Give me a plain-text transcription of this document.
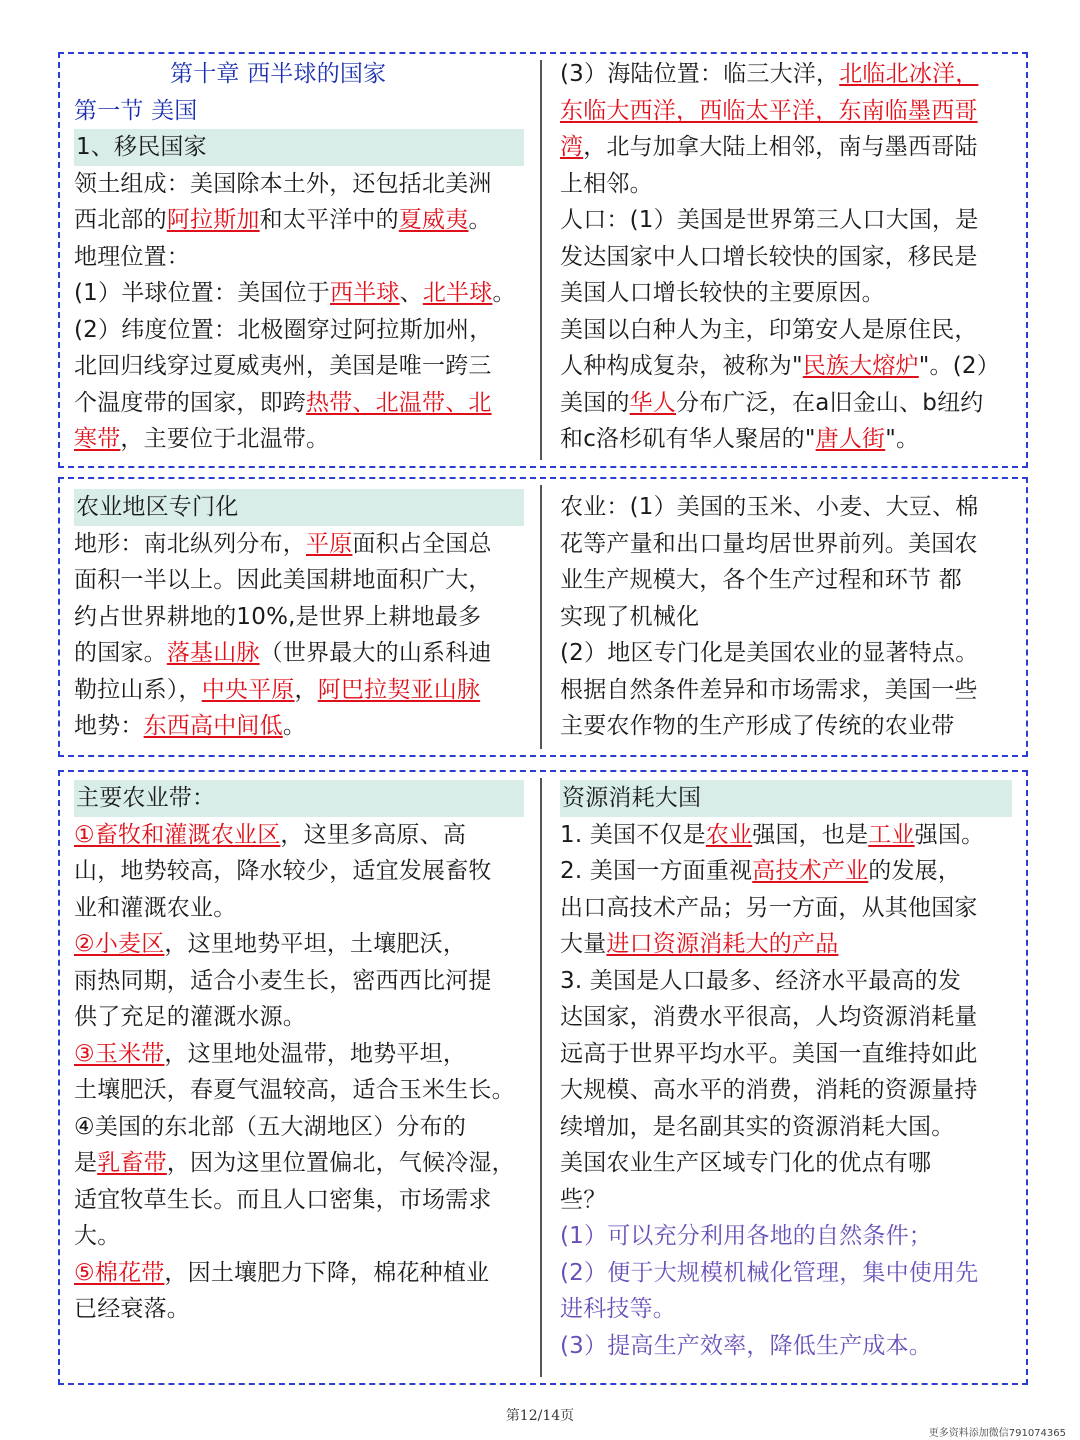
第十章 西半球的国家
第一节 美国
1、移民国家
领土组成：美国除本土外，还包括北美洲
西北部的阿拉斯加和太平洋中的夏威夷。
地理位置：
(1）半球位置：美国位于西半球、北半球。
(2）纬度位置：北极圈穿过阿拉斯加州，
北回归线穿过夏威夷州，美国是唯一跨三
个温度带的国家，即跨热带、北温带、北
寒带，主要位于北温带。
(3）海陆位置：临三大洋，北临北冰洋，
东临大西洋，西临太平洋，东南临墨西哥
湾，北与加拿大陆上相邻，南与墨西哥陆
上相邻。
人口：(1）美国是世界第三人口大国，是
发达国家中人口增长较快的国家，移民是
美国人口增长较快的主要原因。
美国以白种人为主，印第安人是原住民，
人种构成复杂，被称为"民族大熔炉"。(2）
美国的华人分布广泛，在a旧金山、b纽约
和c洛杉矶有华人聚居的"唐人街"。
农业地区专门化
地形：南北纵列分布，平原面积占全国总
面积一半以上。因此美国耕地面积广大，
约占世界耕地的10%,是世界上耕地最多
的国家。落基山脉（世界最大的山系科迪
勒拉山系），中央平原，阿巴拉契亚山脉
地势：东西高中间低。
农业：(1）美国的玉米、小麦、大豆、棉
花等产量和出口量均居世界前列。美国农
业生产规模大，各个生产过程和环节 都
实现了机械化
(2）地区专门化是美国农业的显著特点。
根据自然条件差异和市场需求，美国一些
主要农作物的生产形成了传统的农业带
主要农业带：
①畜牧和灌溉农业区，这里多高原、高
山，地势较高，降水较少，适宜发展畜牧
业和灌溉农业。
②小麦区，这里地势平坦，土壤肥沃，
雨热同期，适合小麦生长，密西西比河提
供了充足的灌溉水源。
③玉米带，这里地处温带，地势平坦，
土壤肥沃，春夏气温较高，适合玉米生长。
④美国的东北部（五大湖地区）分布的
是乳畜带，因为这里位置偏北，气候冷湿，
适宜牧草生长。而且人口密集，市场需求
大。
⑤棉花带，因土壤肥力下降，棉花种植业
已经衰落。
资源消耗大国
1. 美国不仅是农业强国，也是工业强国。
2. 美国一方面重视高技术产业的发展，
出口高技术产品；另一方面，从其他国家
大量进口资源消耗大的产品
3. 美国是人口最多、经济水平最高的发
达国家，消费水平很高，人均资源消耗量
远高于世界平均水平。美国一直维持如此
大规模、高水平的消费，消耗的资源量持
续增加，是名副其实的资源消耗大国。
美国农业生产区域专门化的优点有哪
些？
(1）可以充分利用各地的自然条件；
(2）便于大规模机械化管理，集中使用先
进科技等。
(3）提高生产效率，降低生产成本。
第12/14页
更多资料添加微信791074365
